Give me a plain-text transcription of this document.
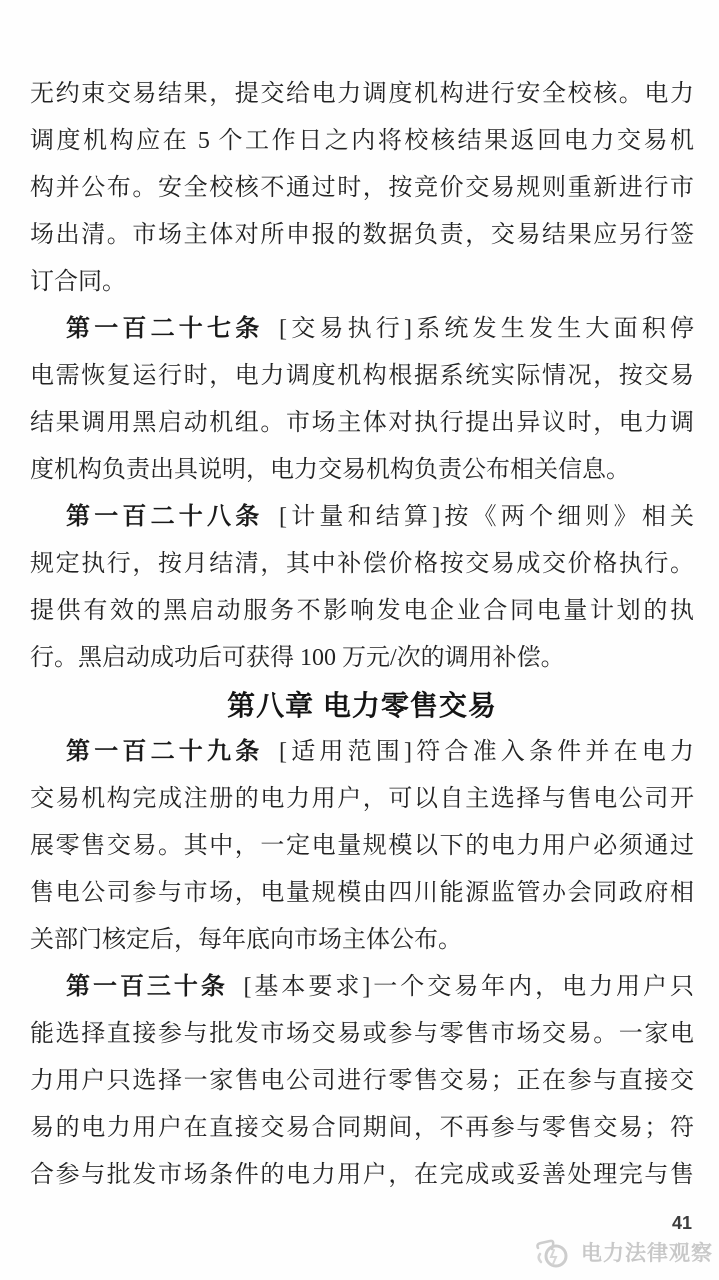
无约束交易结果，提交给电力调度机构进行安全校核。电力
调度机构应在 5 个工作日之内将校核结果返回电力交易机
构并公布。安全校核不通过时，按竞价交易规则重新进行市
场出清。市场主体对所申报的数据负责，交易结果应另行签
订合同。
第一百二十七条 [交易执行]系统发生发生大面积停
电需恢复运行时，电力调度机构根据系统实际情况，按交易
结果调用黑启动机组。市场主体对执行提出异议时，电力调
度机构负责出具说明，电力交易机构负责公布相关信息。
第一百二十八条 [计量和结算]按《两个细则》相关
规定执行，按月结清，其中补偿价格按交易成交价格执行。
提供有效的黑启动服务不影响发电企业合同电量计划的执
行。黑启动成功后可获得 100 万元/次的调用补偿。
第八章 电力零售交易
第一百二十九条 [适用范围]符合准入条件并在电力
交易机构完成注册的电力用户，可以自主选择与售电公司开
展零售交易。其中，一定电量规模以下的电力用户必须通过
售电公司参与市场，电量规模由四川能源监管办会同政府相
关部门核定后，每年底向市场主体公布。
第一百三十条 [基本要求]一个交易年内，电力用户只
能选择直接参与批发市场交易或参与零售市场交易。一家电
力用户只选择一家售电公司进行零售交易；正在参与直接交
易的电力用户在直接交易合同期间，不再参与零售交易；符
合参与批发市场条件的电力用户，在完成或妥善处理完与售
41
电力法律观察
